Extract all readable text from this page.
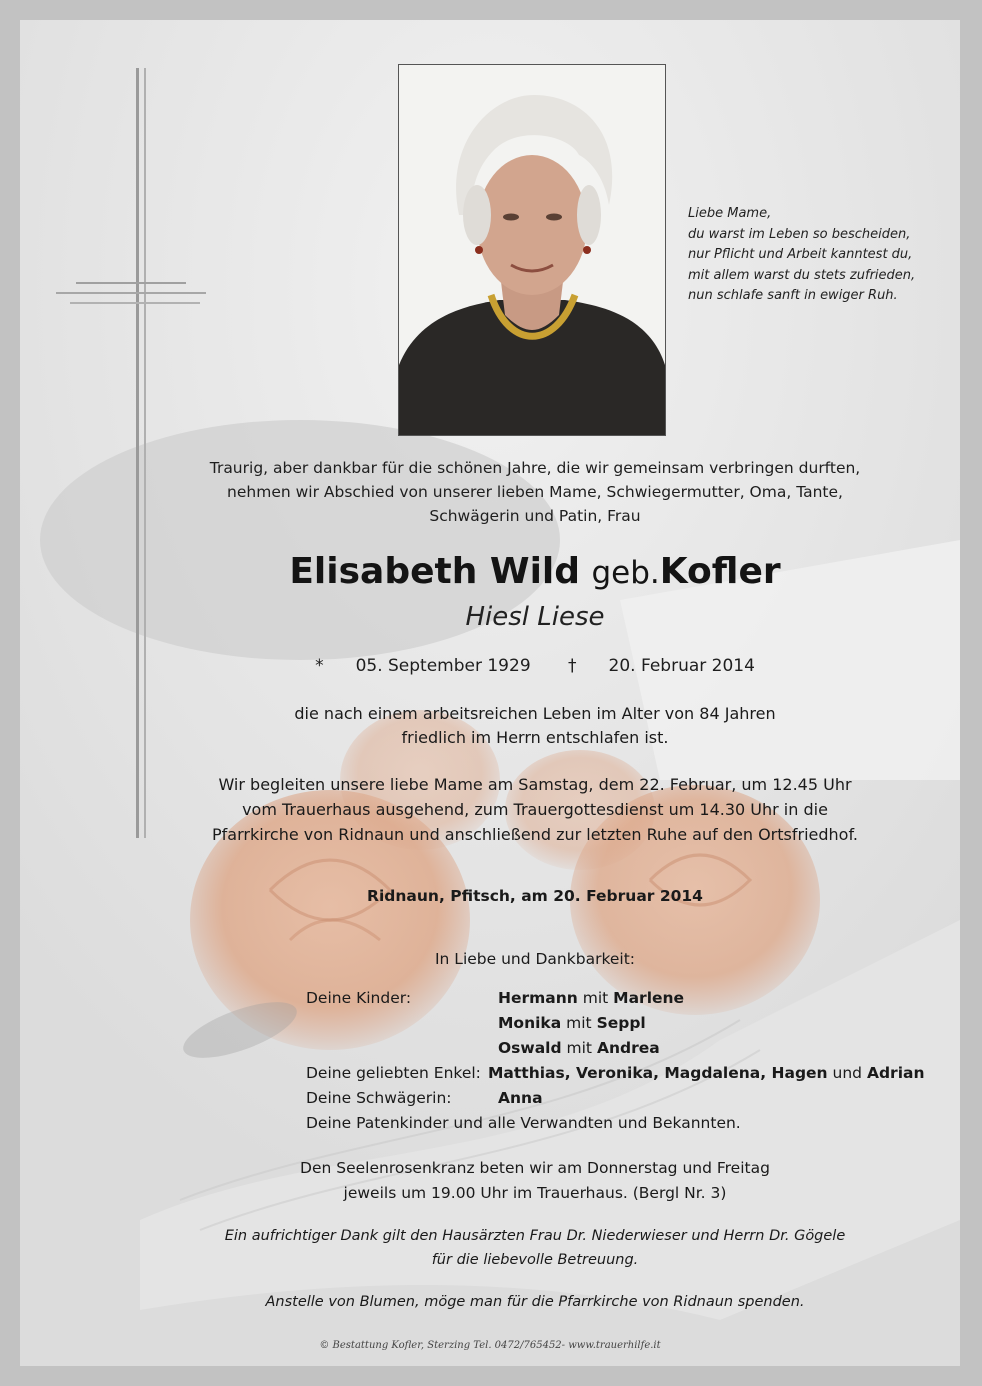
Liebe Mame,
du warst im Leben so bescheiden,
nur Pflicht und Arbeit kanntest du,
mit allem warst du stets zufrieden,
nun schlafe sanft in ewiger Ruh.
Traurig, aber dankbar für die schönen Jahre, die wir gemeinsam verbringen durften,
nehmen wir Abschied von unserer lieben Mame, Schwiegermutter, Oma, Tante,
Schwägerin und Patin, Frau
Elisabeth Wild geb.Kofler
Hiesl Liese
* 05. September 1929 † 20. Februar 2014
die nach einem arbeitsreichen Leben im Alter von 84 Jahren
friedlich im Herrn entschlafen ist.
Wir begleiten unsere liebe Mame am Samstag, dem 22. Februar, um 12.45 Uhr
vom Trauerhaus ausgehend, zum Trauergottesdienst um 14.30 Uhr in die
Pfarrkirche von Ridnaun und anschließend zur letzten Ruhe auf den Ortsfriedhof.
Ridnaun, Pfitsch, am 20. Februar 2014
In Liebe und Dankbarkeit:
Deine Kinder:	Hermann mit Marlene
Monika mit Seppl
Oswald mit Andrea
Deine geliebten Enkel: Matthias, Veronika, Magdalena, Hagen und Adrian
Deine Schwägerin:	Anna
Deine Patenkinder und alle Verwandten und Bekannten.
Den Seelenrosenkranz beten wir am Donnerstag und Freitag
jeweils um 19.00 Uhr im Trauerhaus. (Bergl Nr. 3)
Ein aufrichtiger Dank gilt den Hausärzten Frau Dr. Niederwieser und Herrn Dr. Gögele
für die liebevolle Betreuung.
Anstelle von Blumen, möge man für die Pfarrkirche von Ridnaun spenden.
© Bestattung Kofler, Sterzing Tel. 0472/765452- www.trauerhilfe.it
